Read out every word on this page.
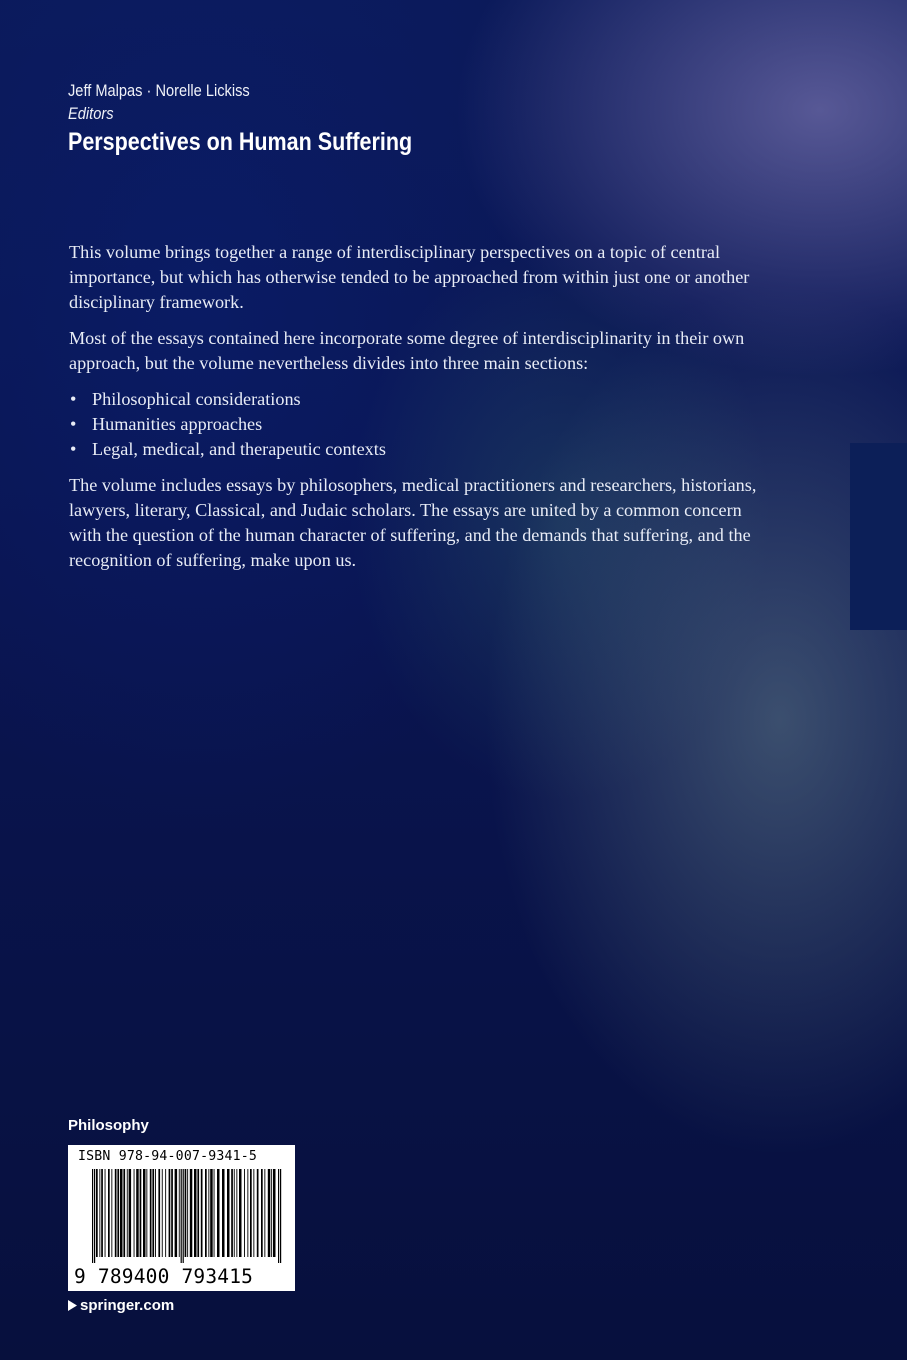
Jeff Malpas · Norelle Lickiss
Editors
Perspectives on Human Suffering

This volume brings together a range of interdisciplinary perspectives on a topic of central importance, but which has otherwise tended to be approached from within just one or another disciplinary framework.

Most of the essays contained here incorporate some degree of interdisciplinarity in their own approach, but the volume nevertheless divides into three main sections:

• Philosophical considerations
• Humanities approaches
• Legal, medical, and therapeutic contexts

The volume includes essays by philosophers, medical practitioners and researchers, historians, lawyers, literary, Classical, and Judaic scholars. The essays are united by a common concern with the question of the human character of suffering, and the demands that suffering, and the recognition of suffering, make upon us.

Philosophy
ISBN 978-94-007-9341-5
9 789400 793415
springer.com
